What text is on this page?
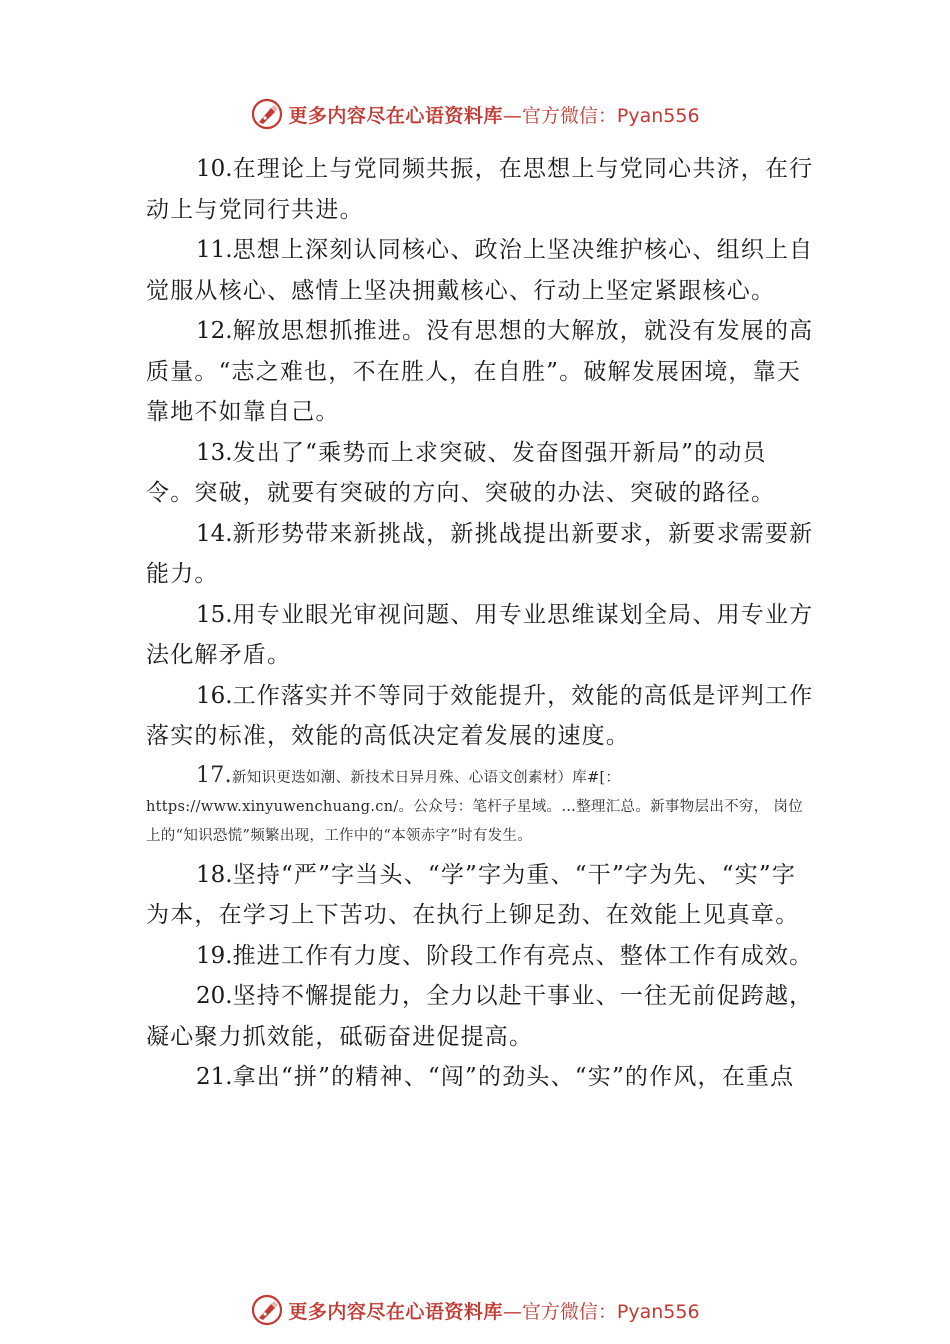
更多内容尽在心语资料库 —官方微信：Pyan556

10.在理论上与党同频共振，在思想上与党同心共济，在行动上与党同行共进。

11.思想上深刻认同核心、政治上坚决维护核心、组织上自觉服从核心、感情上坚决拥戴核心、行动上坚定紧跟核心。

12.解放思想抓推进。没有思想的大解放，就没有发展的高质量。“志之难也，不在胜人，在自胜”。破解发展困境，靠天靠地不如靠自己。

13.发出了“乘势而上求突破、发奋图强开新局”的动员令。突破，就要有突破的方向、突破的办法、突破的路径。

14.新形势带来新挑战，新挑战提出新要求，新要求需要新能力。

15.用专业眼光审视问题、用专业思维谋划全局、用专业方法化解矛盾。

16.工作落实并不等同于效能提升，效能的高低是评判工作落实的标准，效能的高低决定着发展的速度。

17.新知识更迭如潮、新技术日异月殊、心语文创素材）库#[：https://www.xinyuwenchuang.cn/。公众号：笔杆子星域。…整理汇总。新事物层出不穷， 岗位上的“知识恐慌”频繁出现，工作中的“本领赤字”时有发生。

18.坚持“严”字当头、“学”字为重、“干”字为先、“实”字为本，在学习上下苦功、在执行上铆足劲、在效能上见真章。

19.推进工作有力度、阶段工作有亮点、整体工作有成效。

20.坚持不懈提能力，全力以赴干事业、一往无前促跨越，凝心聚力抓效能，砥砺奋进促提高。

21.拿出“拼”的精神、“闯”的劲头、“实”的作风，在重点

更多内容尽在心语资料库 —官方微信：Pyan556
